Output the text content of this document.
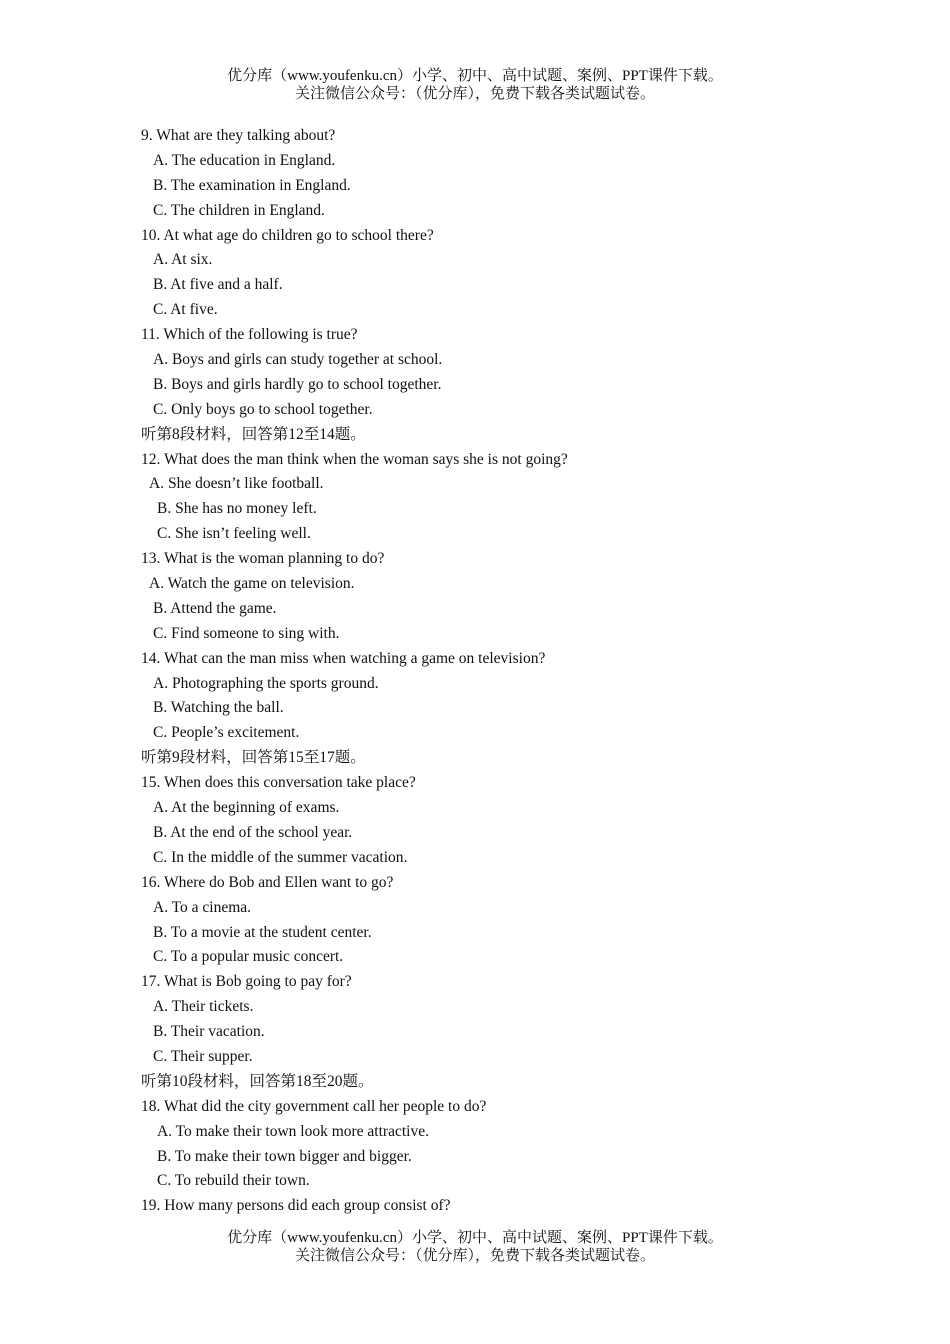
优分库（www.youfenku.cn）小学、初中、高中试题、案例、PPT课件下载。
关注微信公众号：（优分库），免费下载各类试题试卷。
9. What are they talking about?
A. The education in England.
B. The examination in England.
C. The children in England.
10. At what age do children go to school there?
A. At six.
B. At five and a half.
C. At five.
11. Which of the following is true?
A. Boys and girls can study together at school.
B. Boys and girls hardly go to school together.
C. Only boys go to school together.
听第8段材料，回答第12至14题。
12. What does the man think when the woman says she is not going?
A. She doesn’t like football.
B. She has no money left.
C. She isn’t feeling well.
13. What is the woman planning to do?
A. Watch the game on television.
B. Attend the game.
C. Find someone to sing with.
14. What can the man miss when watching a game on television?
A. Photographing the sports ground.
B. Watching the ball.
C. People’s excitement.
听第9段材料，回答第15至17题。
15. When does this conversation take place?
A. At the beginning of exams.
B. At the end of the school year.
C. In the middle of the summer vacation.
16. Where do Bob and Ellen want to go?
A. To a cinema.
B. To a movie at the student center.
C. To a popular music concert.
17. What is Bob going to pay for?
A. Their tickets.
B. Their vacation.
C. Their supper.
听第10段材料，回答第18至20题。
18. What did the city government call her people to do?
A. To make their town look more attractive.
B. To make their town bigger and bigger.
C. To rebuild their town.
19. How many persons did each group consist of?
优分库（www.youfenku.cn）小学、初中、高中试题、案例、PPT课件下载。
关注微信公众号：（优分库），免费下载各类试题试卷。
